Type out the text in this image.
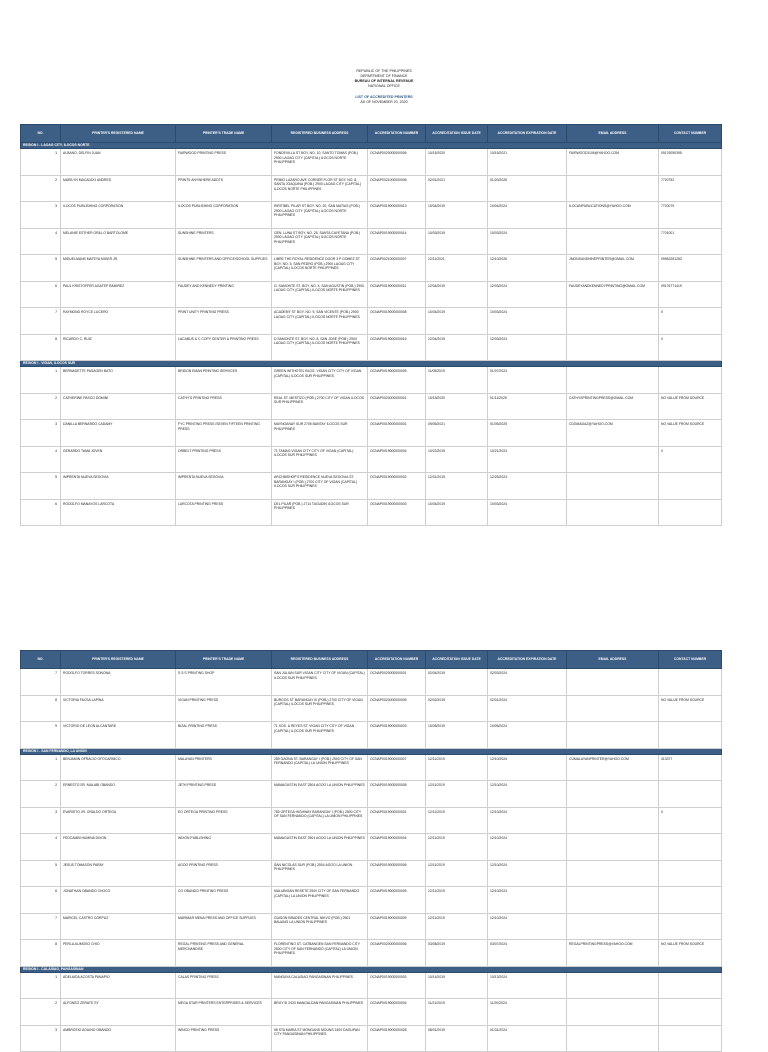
REPUBLIC OF THE PHILIPPINES
DEPARTMENT OF FINANCE
BUREAU OF INTERNAL REVENUE
NATIONAL OFFICE
LIST OF ACCREDITED PRINTERS
AS OF NOVEMBER 20, 2020
NO.	PRINTER'S REGISTERED NAME	PRINTER'S TRADE NAME	REGISTERED BUSINESS ADDRESS	ACCREDITATION NUMBER	ACCREDITATION ISSUE DATE	ACCREDITATION EXPIRATION DATE	EMAIL ADDRESS	CONTACT NUMBER
REGION I - LAOAG CITY, ILOCOS NORTE								
1	ALBANO, DELFIN JUAN	FAIRWOOD PRINTING PRESS	FONDEVILLA ST BGY. NO. 10, SANTO TOMAS (POB.) 2900 LAOAG CITY (CAPITAL) ILOCOS NORTE PHILIPPINES	OCNAP0020000000006	10/15/2020	10/15/2021	FAIRWOOD1106@YAHOO.COM	09176050395
2	MARILYN MACADDO ANDRES	PRINTS ANYWHERE ADDTS	PRIMO LAZARO AVE CORNER FLOR ST BGY. NO. 8, SANTA JOAQUINA (POB.) 2900 LAOAG CITY (CAPITAL) ILOCOS NORTE PHILIPPINES	OCNAP0021000000006	02/01/2021	01/20/2026		7720752
3	ILOCOS PUBLISHING CORPORATION	ILOCOS PUBLISHING CORPORATION	RIRITIBEL PILAR ST BGY. NO. 20, SAN MATIAS (POB.) 2900 LAOAG CITY (CAPITAL) ILOCOS NORTE PHILIPPINES	OCNAP0019000000013	10/04/2019	10/04/2024	ILOCANPUBLICATIONS@YAHOO.COM	7720079
4	MELANIE ESTHER ORILLO BARTOLOME	SUNSHINE PRINTERS	GEN. LUNA ST BGY. NO. 25, SANTA CAYETANA (POB.) 2900 LAOAG CITY (CAPITAL) ILOCOS NORTE PHILIPPINES	OCNAP0019000000014	10/03/2019	10/03/2024		7701001
5	MIGUELMANS MATEYA MIGER JR.	SUNSHINE PRINTERS AND OFFICE/SCHOOL SUPPLIES	LIBRE THE ROYAL RESIDENCE DOOR 3 P GOMEZ ST BGY. NO. 5, SAN PEDRO (POB.) 2900 LAOAG CITY (CAPITAL) ILOCOS NORTE PHILIPPINES	OCNAP0021000000007	12/11/2021	12/10/2026	JMONSUNSHINEPRINTER@GMAIL.COM	09952281283
6	PAUL KRISTOFFER AGATEP RAMIREZ	FAUDEY AND KENNEDY PRINTING	G. SAMONTE ST. BGY. NO. 4, SAN AGUSTIN (POB.) 2900 LAOAG CITY (CAPITAL) ILOCOS NORTE PHILIPPINES	OCNAP0019000000011	12/04/2019	12/03/2024	FAUDEYANDKENNEDYPRINTING@GMAIL.COM	09176771419
7	RAYMOND ROYCE LUCERO	PRINT UNITY PRINTING PRESS	ACADEMY ST BGY. NO. 9, SAN VICENTE (POB.) 2900 LAOAG CITY (CAPITAL) ILOCOS NORTE PHILIPPINES	OCNAP0019000000008	10/04/2019	10/03/2024		0
8	RICARDO C. RUIZ	LACABUS & C COPY CENTER & PRINTING PRESS	D SAMONTE ST. BGY. NO. 8, SAN JOSE (POB.) 2900 LAOAG CITY (CAPITAL) ILOCOS NORTE PHILIPPINES	OCNAP0019000000016	12/04/2019	12/03/2024		0
REGION I - VIGAN, ILOCOS SUR								
1	BERNADETTE PASAGEN BATO	BRIDON EMAN PRINTING SERVICES	GREEN WITHOTEL BLDG. VIGAN CITY CITY OF VIGAN (CAPITAL) ILOCOS SUR PHILIPPINES	OCNAP0019000000005	11/05/2019	01/07/2024		
2	CATHERINE PASCO DOMINI	CATHY'S PRINTING PRESS	REAL ST. MESTIZO (POB.) 2700 CITY OF VIGAN ILOCOS SUR PHILIPPINES	OCNAP0020000000001	10/15/2020	01/11/2025	CATHYSPRINTINGPRESS@GMAIL.COM	NO VALUE FROM SOURCE
3	DANILLA BERNARDO CADAMY	FYC PRINTING PRESS /SEVEN FIFTEEN PRINTING PRESS	MAYNGANAY SUR 2705 BANTAY ILOCOS SUR PHILIPPINES	OCNAP0019000000001	09/05/2021	01/05/2025	CDGMADAZ@YAHOO.COM	NO VALUE FROM SOURCE
4	GERARDO TAMA JOVEN	ORBELT PRINTING PRESS	71 TAMAG VIGAN CITY CITY OF VIGAN (CAPITAL) ILOCOS SUR PHILIPPINES	OCNAP0019000000004	10/22/2019	10/21/2024		0
5	IMPRENTA NUEVA SEGOVIA	IMPRENTA NUEVA SEGOVIA	ARCHBISHOP'S RESIDENCE NUEVA SEGOVIA ST. BARANGAY I (POB.) 2700 CITY OF VIGAN (CAPITAL) ILOCOS SUR PHILIPPINES	OCNAP0019000000002	12/01/2019	12/25/2024		
6	RODOLFO MANAYOS LARCOTA	LARCOTA PRINTING PRESS	DEL PILAR (POB.) 2714 TAGUDIN ILOCOS SUR PHILIPPINES	OCNAP0019000000003	10/04/2019	10/03/2024		
NO.	PRINTER'S REGISTERED NAME	PRINTER'S TRADE NAME	REGISTERED BUSINESS ADDRESS	ACCREDITATION NUMBER	ACCREDITATION ISSUE DATE	ACCREDITATION EXPIRATION DATE	EMAIL ADDRESS	CONTACT NUMBER
7	RODOLFO TORRES SONONA	S S S PRINTING SHOP	SAN JULIAN SUR VIGAN CITY CITY OF VIGAN (CAPITAL) ILOCOS SUR PHILIPPINES	OCNAP0020000000001	02/04/2019	02/03/2024		
8	VICTORIA FACSA LAPINA	VIGAN PRINTING PRESS	BURGOS ST BARANGAY III (POB.) 2700 CITY OF VIGAN (CAPITAL) ILOCOS SUR PHILIPPINES	OCNAP0020000000005	02/02/2019	02/01/2024		NO VALUE FROM SOURCE
9	VICTORIO DE LEON ALCANTARE	BIZAL PRINTING PRESS	71 SOS. & REYES ST. VIGAN CITY CITY OF VIGAN (CAPITAL) ILOCOS SUR PHILIPPINES	OCNAP0019000000003	10/05/2019	10/05/2024		
REGION I - SAN FERNANDO, LA UNION								
1	BENJAMIN OFRACIO OFOCARNICO	MALAYAN PRINTERS	289 GAONA ST. BARANGAY I (POB.) 2500 CITY OF SAN FERNANDO (CAPITAL) LA UNION PHILIPPINES	OCNAP0019000000007	12/11/2019	12/10/2024	CUMALAYANPRINTER@YAHOO.COM	413377
2	ERNESTO SR. MALABI OBANDO	JETH PRINTING PRESS	MAMAGUSTIN EAST 2504 AGOO LA UNION PHILIPPINES	OCNAP0019000000008	12/11/2019	12/10/2024		
3	EVARISTO JR. ORALDO ORTEGA	EO ORTEGA PRINTING PRESS	780 ORTEGA HIGHWAY BARANGAY I (POB.) 2500 CITY OF SAN FERNANDO (CAPITAL) LA UNION PHILIPPINES	OCNAP0019000000001	12/11/2019	12/10/2024		0
4	FEDCAMBI HUMINA DIXON	WIXON PUBLISHING	MAMAGUSTIN EAST 2504 AGOO LA UNION PHILIPPINES	OCNAP0019000000004	12/11/2019	12/10/2024		
5	JESUS TOMASON PARAY	AGOO PRINTING PRESS	SAN NICOLAS SUR (POB.) 2504 AGOO LA UNION PHILIPPINES	OCNAP0019000000006	12/11/2019	12/10/2024		
6	JONATHAN OBANDO CHOCO	CO OBANDO PRINTING PRESS	MALUBIGAN RESETE 2500 CITY OF SAN FERNANDO (CAPITAL) LA UNION PHILIPPINES	OCNAP0019000000005	12/11/2019	12/10/2024		
7	MARICEL CASTRO CORPUZ	MARIMAR MENA PRESS AND OFFICE SUPPLIES	GUISON BRADES CENTRAL NIKVO (POB.) 2501 BAUANG LA UNION PHILIPPINES	OCNAP0019000000009	12/11/2019	12/10/2024		
8	PERLA ALIMOSO CHIO	REGAL PRINTING PRESS AND GENERAL MERCHANDISE	FLORENTINO ST. CATBANGEN SAN FERNANDO CITY 2500 CITY OF SAN FERNANDO (CAPITAL) LA UNION PHILIPPINES	OCNAP0020000000006	03/08/2019	03/07/2024	REGALPRINTINGPRESS@YAHOO.COM	NO VALUE FROM SOURCE
REGION I - CALASIAO, PANGASINAN								
1	ADELAIDA ACOSTA PANAPIO	CALAS PRINTING PRESS	MANGAYA CALASIAO PANGASINAN PHILIPPINES	OCNAP0019000000003	10/14/2019	10/13/2024		
2	ALFONSO ZERATE SY	MEGA STAR PRINTERS ENTERPRISES & SERVICES	BRGY III 2433 MANGALDAN PANGASINAN PHILIPPINES	OCNAP0019000000004	11/21/2019	11/20/2024		
3	AMBROSIO AGUINO OBANDO	WINCO PRINTING PRESS	58 STA MARIA ST MONGANS MOUNS 2400 DAGUPAN CITY PANGASINAN PHILIPPINES	OCNAP0019000000028	08/01/2019	01/31/2024		
